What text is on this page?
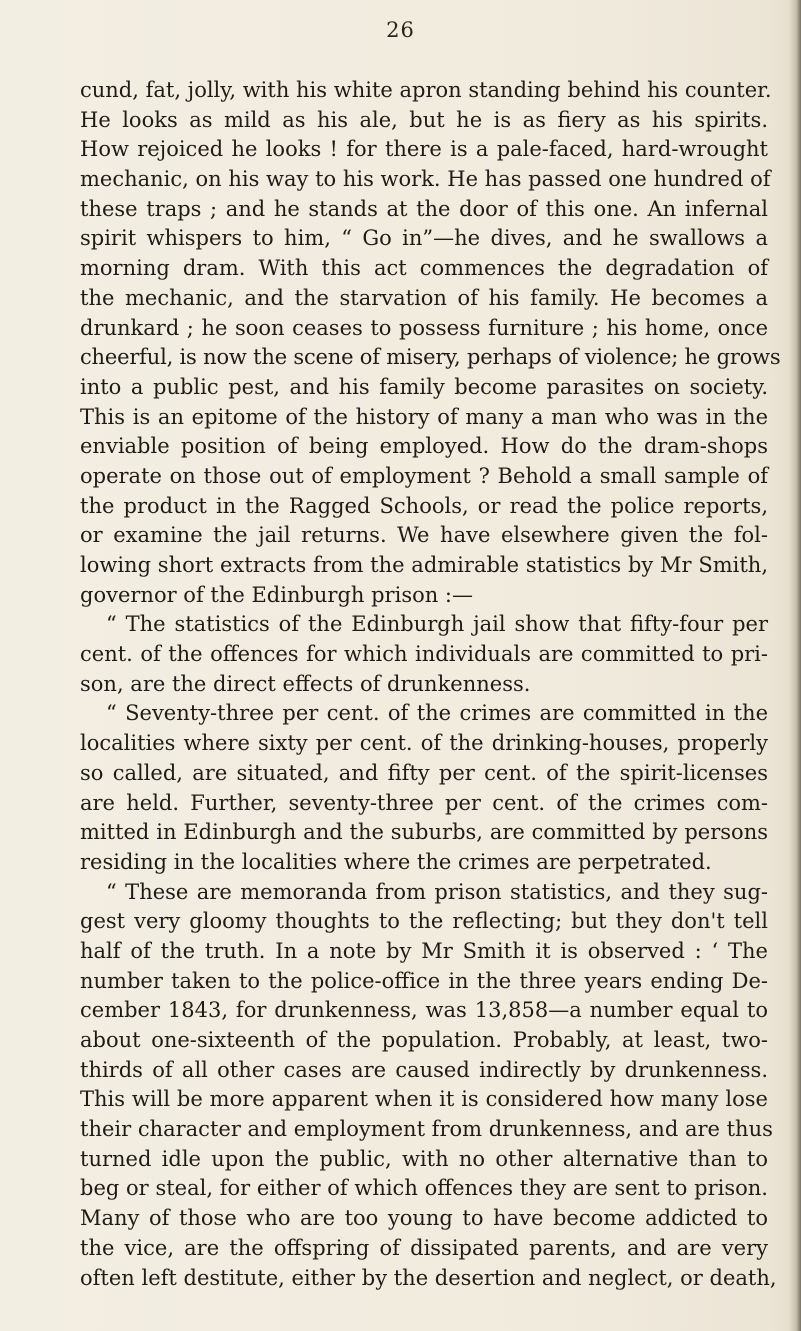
26
cund, fat, jolly, with his white apron standing behind his counter.
He looks as mild as his ale, but he is as fiery as his spirits.
How rejoiced he looks ! for there is a pale-faced, hard-wrought
mechanic, on his way to his work. He has passed one hundred of
these traps ; and he stands at the door of this one. An infernal
spirit whispers to him, “ Go in”—he dives, and he swallows a
morning dram. With this act commences the degradation of
the mechanic, and the starvation of his family. He becomes a
drunkard ; he soon ceases to possess furniture ; his home, once
cheerful, is now the scene of misery, perhaps of violence; he grows
into a public pest, and his family become parasites on society.
This is an epitome of the history of many a man who was in the
enviable position of being employed. How do the dram-shops
operate on those out of employment ? Behold a small sample of
the product in the Ragged Schools, or read the police reports,
or examine the jail returns. We have elsewhere given the fol-
lowing short extracts from the admirable statistics by Mr Smith,
governor of the Edinburgh prison :—
“ The statistics of the Edinburgh jail show that fifty-four per
cent. of the offences for which individuals are committed to pri-
son, are the direct effects of drunkenness.
“ Seventy-three per cent. of the crimes are committed in the
localities where sixty per cent. of the drinking-houses, properly
so called, are situated, and fifty per cent. of the spirit-licenses
are held. Further, seventy-three per cent. of the crimes com-
mitted in Edinburgh and the suburbs, are committed by persons
residing in the localities where the crimes are perpetrated.
“ These are memoranda from prison statistics, and they sug-
gest very gloomy thoughts to the reflecting; but they don't tell
half of the truth. In a note by Mr Smith it is observed : ‘ The
number taken to the police-office in the three years ending De-
cember 1843, for drunkenness, was 13,858—a number equal to
about one-sixteenth of the population. Probably, at least, two-
thirds of all other cases are caused indirectly by drunkenness.
This will be more apparent when it is considered how many lose
their character and employment from drunkenness, and are thus
turned idle upon the public, with no other alternative than to
beg or steal, for either of which offences they are sent to prison.
Many of those who are too young to have become addicted to
the vice, are the offspring of dissipated parents, and are very
often left destitute, either by the desertion and neglect, or death,
